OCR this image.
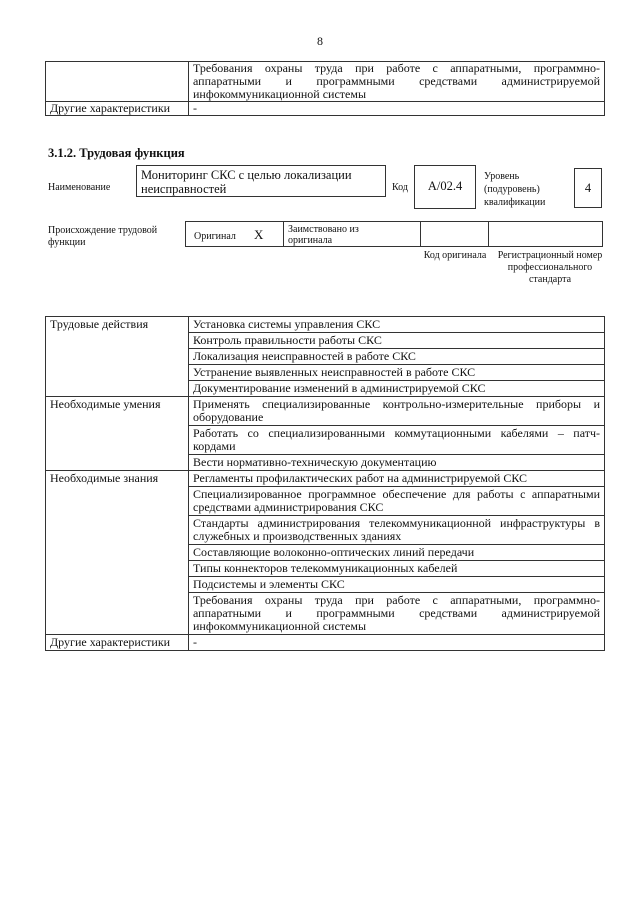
8
	Требования охраны труда при работе с аппаратными, программно-аппаратными и программными средствами администрируемой инфокоммуникационной системы
Другие характеристики	-
3.1.2. Трудовая функция
Наименование
Мониторинг СКС с целью локализации неисправностей	Код	A/02.4
Уровень (подуровень) квалификации
4
Происхождение трудовой функции
Оригинал X Заимствовано из оригинала
Код оригинала	Регистрационный номер профессионального стандарта
Трудовые действия	Установка системы управления СКС
	Контроль правильности работы СКС
	Локализация неисправностей в работе СКС
	Устранение выявленных неисправностей в работе СКС
	Документирование изменений в администрируемой СКС
Необходимые умения	Применять специализированные контрольно-измерительные приборы и оборудование
	Работать со специализированными коммутационными кабелями – патч-кордами
	Вести нормативно-техническую документацию
Необходимые знания	Регламенты профилактических работ на администрируемой СКС
	Специализированное программное обеспечение для работы с аппаратными средствами администрирования СКС
	Стандарты администрирования телекоммуникационной инфраструктуры в служебных и производственных зданиях
	Составляющие волоконно-оптических линий передачи
	Типы коннекторов телекоммуникационных кабелей
	Подсистемы и элементы СКС
	Требования охраны труда при работе с аппаратными, программно-аппаратными и программными средствами администрируемой инфокоммуникационной системы
Другие характеристики	-
